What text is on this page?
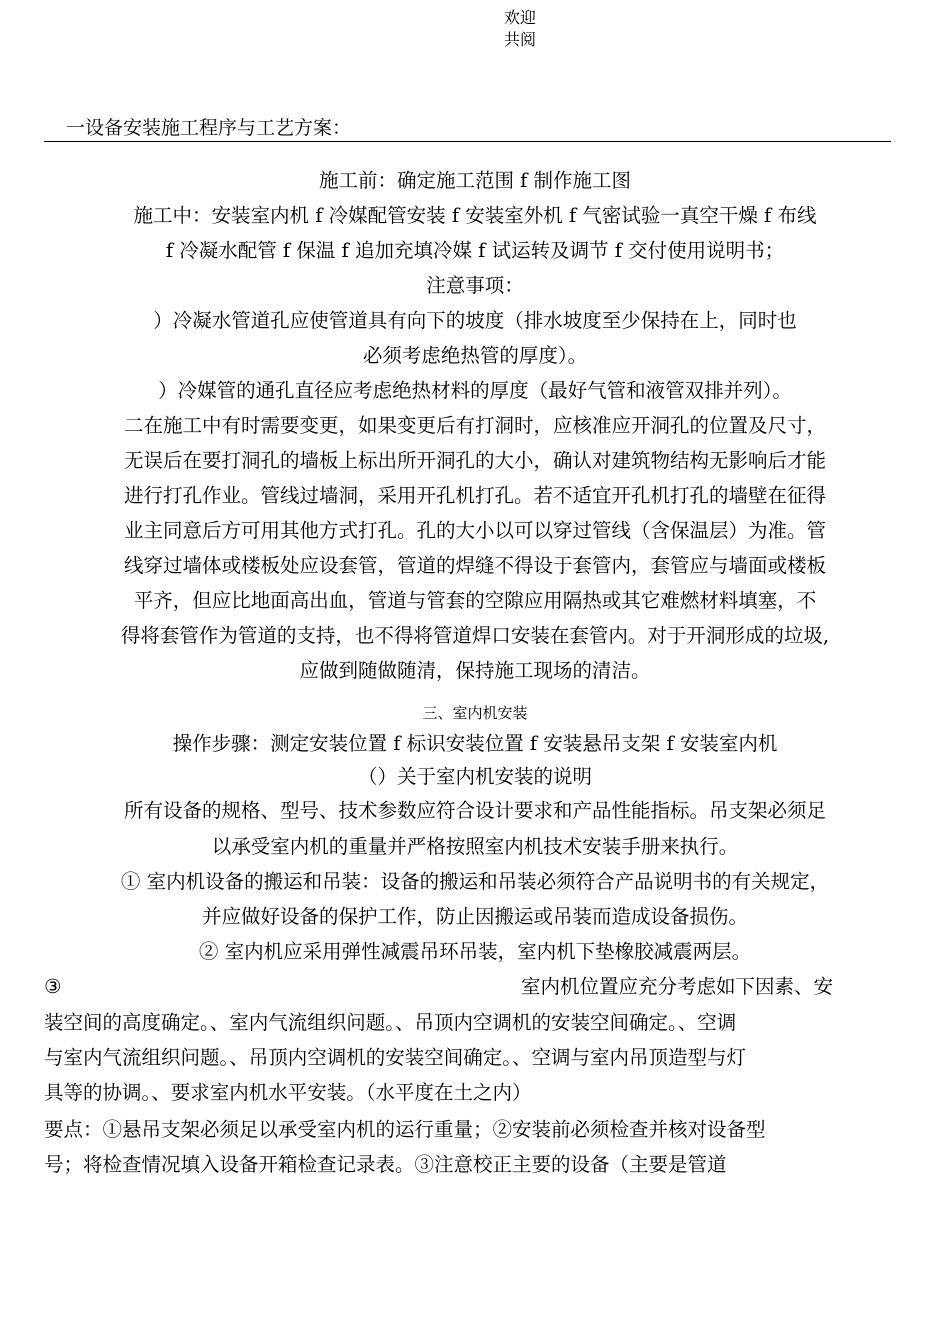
欢迎
共阅
一设备安装施工程序与工艺方案：
施工前：确定施工范围 f 制作施工图
施工中：安装室内机 f 冷媒配管安装 f 安装室外机 f 气密试验一真空干燥 f 布线
f 冷凝水配管 f 保温 f 追加充填冷媒 f 试运转及调节 f 交付使用说明书；
注意事项：
）冷凝水管道孔应使管道具有向下的坡度（排水坡度至少保持在上，同时也
必须考虑绝热管的厚度）。
）冷媒管的通孔直径应考虑绝热材料的厚度（最好气管和液管双排并列）。
二在施工中有时需要变更，如果变更后有打洞时，应核准应开洞孔的位置及尺寸，
无误后在要打洞孔的墙板上标出所开洞孔的大小，确认对建筑物结构无影响后才能
进行打孔作业。管线过墙洞，采用开孔机打孔。若不适宜开孔机打孔的墙壁在征得
业主同意后方可用其他方式打孔。孔的大小以可以穿过管线（含保温层）为准。管
线穿过墙体或楼板处应设套管，管道的焊缝不得设于套管内，套管应与墙面或楼板
平齐，但应比地面高出血，管道与管套的空隙应用隔热或其它难燃材料填塞，不
得将套管作为管道的支持，也不得将管道焊口安装在套管内。对于开洞形成的垃圾,
应做到随做随清，保持施工现场的清洁。
三、室内机安装
操作步骤：测定安装位置 f 标识安装位置 f 安装悬吊支架 f 安装室内机
（）关于室内机安装的说明
所有设备的规格、型号、技术参数应符合设计要求和产品性能指标。吊支架必须足
以承受室内机的重量并严格按照室内机技术安装手册来执行。
① 室内机设备的搬运和吊装：设备的搬运和吊装必须符合产品说明书的有关规定，
并应做好设备的保护工作，防止因搬运或吊装而造成设备损伤。
② 室内机应采用弹性减震吊环吊装，室内机下垫橡胶减震两层。
③	室内机位置应充分考虑如下因素、安
装空间的高度确定。、室内气流组织问题。、吊顶内空调机的安装空间确定。、空调
与室内气流组织问题。、吊顶内空调机的安装空间确定。、空调与室内吊顶造型与灯
具等的协调。、要求室内机水平安装。（水平度在土之内）
要点：①悬吊支架必须足以承受室内机的运行重量；②安装前必须检查并核对设备型
号；将检查情况填入设备开箱检查记录表。③注意校正主要的设备（主要是管道
